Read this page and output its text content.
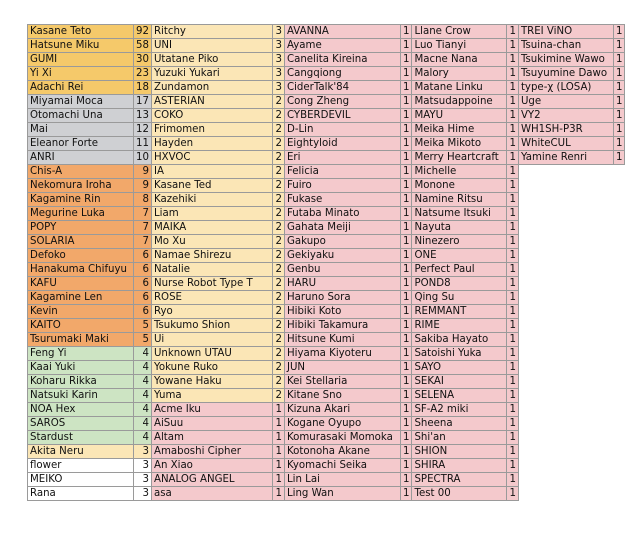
Kasane Teto	92	Ritchy	3	AVANNA	1	Llane Crow	1	TREI ViNO	1
Hatsune Miku	58	UNI	3	Ayame	1	Luo Tianyi	1	Tsuina-chan	1
GUMI	30	Utatane Piko	3	Canelita Kireina	1	Macne Nana	1	Tsukimine Wawo	1
Yi Xi	23	Yuzuki Yukari	3	Cangqiong	1	Malory	1	Tsuyumine Dawo	1
Adachi Rei	18	Zundamon	3	CiderTalk'84	1	Matane Linku	1	type-χ (LOSA)	1
Miyamai Moca	17	ASTERIAN	2	Cong Zheng	1	Matsudappoine	1	Uge	1
Otomachi Una	13	COKO	2	CYBERDEVIL	1	MAYU	1	VY2	1
Mai	12	Frimomen	2	D-Lin	1	Meika Hime	1	WH1SH-P3R	1
Eleanor Forte	11	Hayden	2	Eightyloid	1	Meika Mikoto	1	WhiteCUL	1
ANRI	10	HXVOC	2	Eri	1	Merry Heartcraft	1	Yamine Renri	1
Chis-A	9	IA	2	Felicia	1	Michelle	1		
Nekomura Iroha	9	Kasane Ted	2	Fuiro	1	Monone	1		
Kagamine Rin	8	Kazehiki	2	Fukase	1	Namine Ritsu	1		
Megurine Luka	7	Liam	2	Futaba Minato	1	Natsume Itsuki	1		
POPY	7	MAIKA	2	Gahata Meiji	1	Nayuta	1		
SOLARIA	7	Mo Xu	2	Gakupo	1	Ninezero	1		
Defoko	6	Namae Shirezu	2	Gekiyaku	1	ONE	1		
Hanakuma Chifuyu	6	Natalie	2	Genbu	1	Perfect Paul	1		
KAFU	6	Nurse Robot Type T	2	HARU	1	POND8	1		
Kagamine Len	6	ROSE	2	Haruno Sora	1	Qing Su	1		
Kevin	6	Ryo	2	Hibiki Koto	1	REMMANT	1		
KAITO	5	Tsukumo Shion	2	Hibiki Takamura	1	RIME	1		
Tsurumaki Maki	5	Ui	2	Hitsune Kumi	1	Sakiba Hayato	1		
Feng Yi	4	Unknown UTAU	2	Hiyama Kiyoteru	1	Satoishi Yuka	1		
Kaai Yuki	4	Yokune Ruko	2	JUN	1	SAYO	1		
Koharu Rikka	4	Yowane Haku	2	Kei Stellaria	1	SEKAI	1		
Natsuki Karin	4	Yuma	2	Kitane Sno	1	SELENA	1		
NOA Hex	4	Acme Iku	1	Kizuna Akari	1	SF-A2 miki	1		
SAROS	4	AiSuu	1	Kogane Oyupo	1	Sheena	1		
Stardust	4	Altam	1	Komurasaki Momoka	1	Shi'an	1		
Akita Neru	3	Amaboshi Cipher	1	Kotonoha Akane	1	SHION	1		
flower	3	An Xiao	1	Kyomachi Seika	1	SHIRA	1		
MEIKO	3	ANALOG ANGEL	1	Lin Lai	1	SPECTRA	1		
Rana	3	asa	1	Ling Wan	1	Test 00	1		
